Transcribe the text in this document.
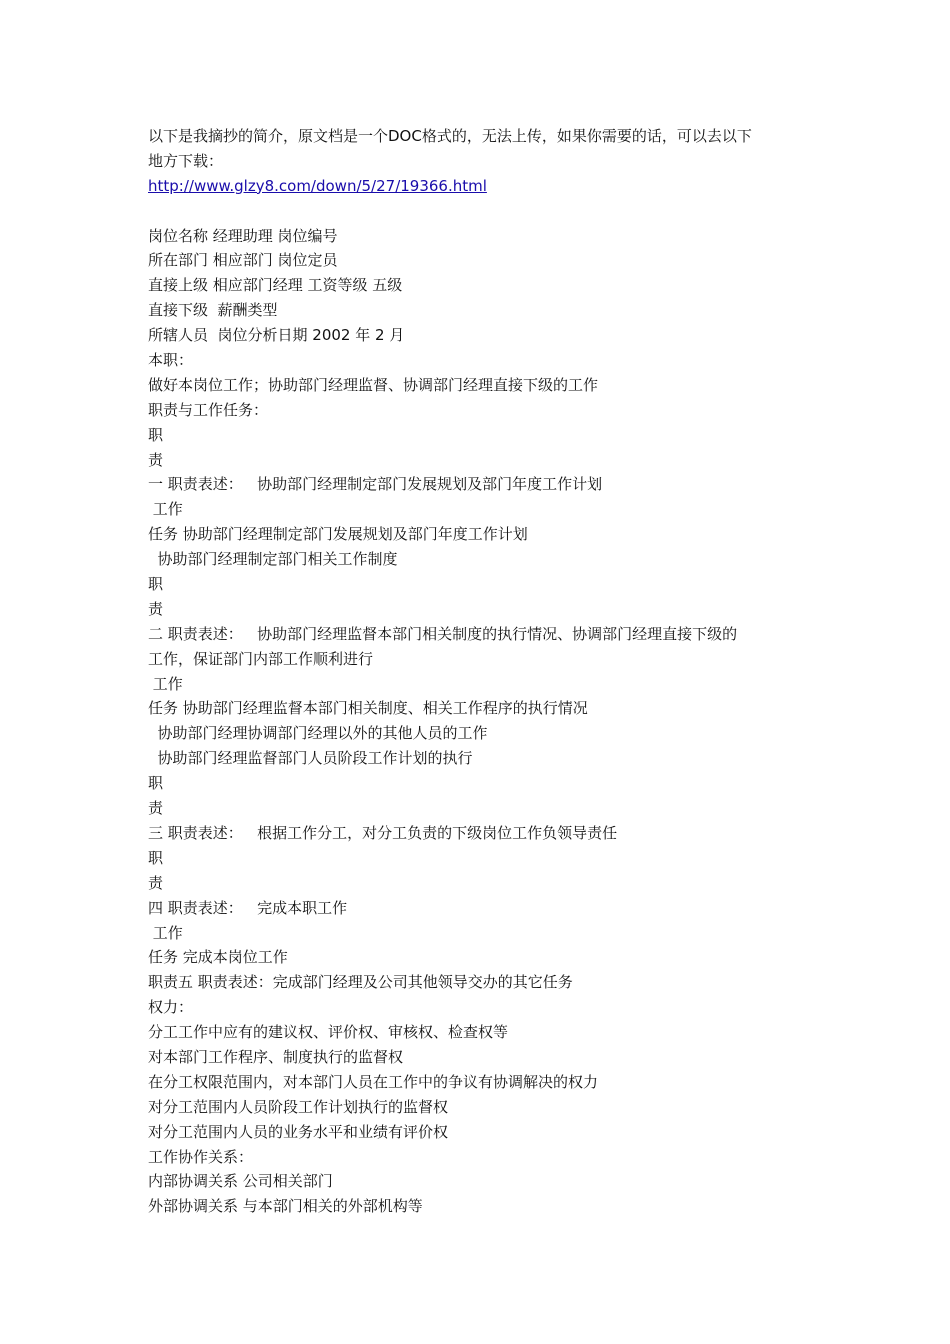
以下是我摘抄的简介，原文档是一个DOC格式的，无法上传，如果你需要的话，可以去以下
地方下载：
http://www.glzy8.com/down/5/27/19366.html
岗位名称 经理助理 岗位编号
所在部门 相应部门 岗位定员
直接上级 相应部门经理 工资等级 五级
直接下级  薪酬类型
所辖人员  岗位分析日期 2002 年 2 月
本职：
做好本岗位工作；协助部门经理监督、协调部门经理直接下级的工作
职责与工作任务：
职
责
一 职责表述：   协助部门经理制定部门发展规划及部门年度工作计划
工作
任务 协助部门经理制定部门发展规划及部门年度工作计划
协助部门经理制定部门相关工作制度
职
责
二 职责表述：   协助部门经理监督本部门相关制度的执行情况、协调部门经理直接下级的
工作，保证部门内部工作顺利进行
工作
任务 协助部门经理监督本部门相关制度、相关工作程序的执行情况
协助部门经理协调部门经理以外的其他人员的工作
协助部门经理监督部门人员阶段工作计划的执行
职
责
三 职责表述：   根据工作分工，对分工负责的下级岗位工作负领导责任
职
责
四 职责表述：   完成本职工作
工作
任务 完成本岗位工作
职责五 职责表述：完成部门经理及公司其他领导交办的其它任务
权力：
分工工作中应有的建议权、评价权、审核权、检查权等
对本部门工作程序、制度执行的监督权
在分工权限范围内，对本部门人员在工作中的争议有协调解决的权力
对分工范围内人员阶段工作计划执行的监督权
对分工范围内人员的业务水平和业绩有评价权
工作协作关系：
内部协调关系 公司相关部门
外部协调关系 与本部门相关的外部机构等
